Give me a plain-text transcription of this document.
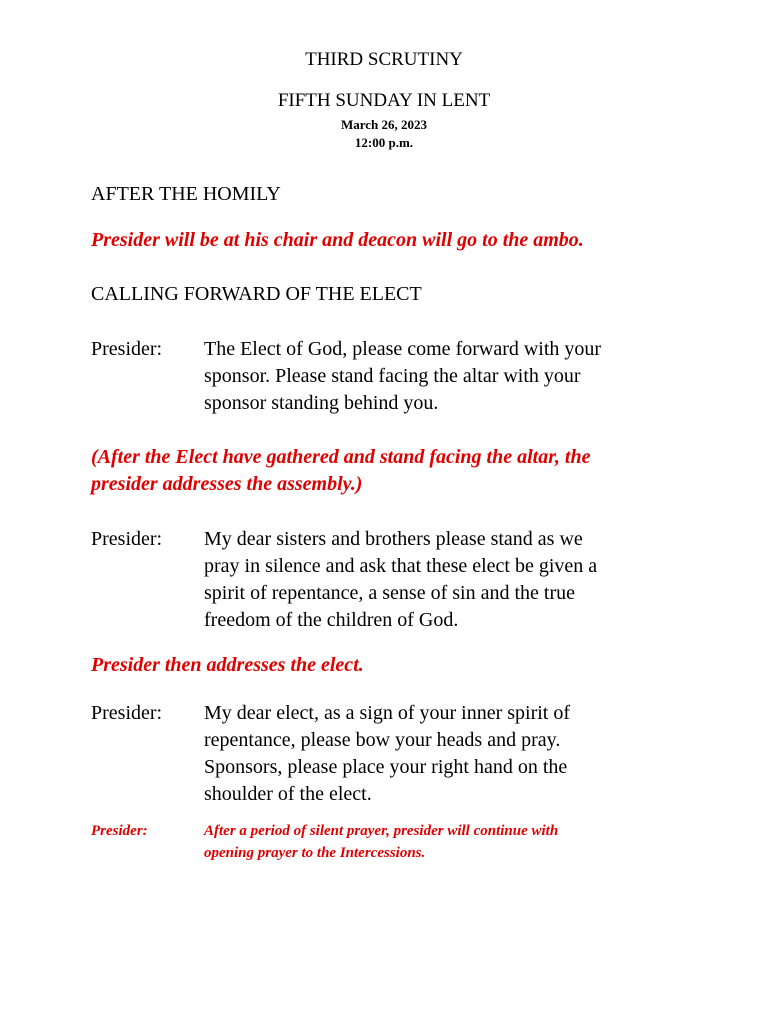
THIRD SCRUTINY
FIFTH SUNDAY IN LENT
March 26, 2023
12:00 p.m.
AFTER THE HOMILY
Presider will be at his chair and deacon will go to the ambo.
CALLING FORWARD OF THE ELECT
Presider:	The Elect of God, please come forward with your
sponsor. Please stand facing the altar with your
sponsor standing behind you.
(After the Elect have gathered and stand facing the altar, the
presider addresses the assembly.)
Presider:	My dear sisters and brothers please stand as we
pray in silence and ask that these elect be given a
spirit of repentance, a sense of sin and the true
freedom of the children of God.
Presider then addresses the elect.
Presider:	My dear elect, as a sign of your inner spirit of
repentance, please bow your heads and pray.
Sponsors, please place your right hand on the
shoulder of the elect.
Presider:	After a period of silent prayer, presider will continue with
opening prayer to the Intercessions.
